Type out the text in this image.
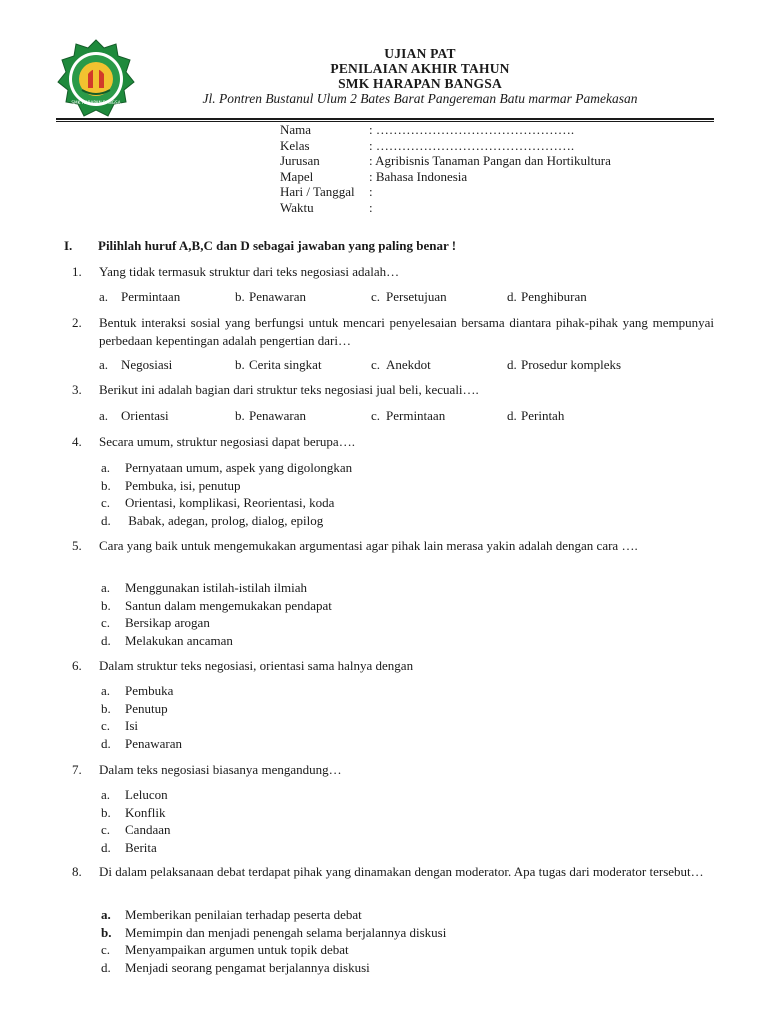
SMK HARAPAN BANGSA
UJIAN PAT
PENILAIAN AKHIR TAHUN
SMK HARAPAN BANGSA
Jl. Pontren Bustanul Ulum 2 Bates Barat Pangereman Batu marmar Pamekasan
Nama	: ……………………………………….
Kelas	: ……………………………………….
Jurusan	: Agribisnis Tanaman Pangan dan Hortikultura
Mapel	: Bahasa Indonesia
Hari / Tanggal	:
Waktu	:
I. Pilihlah huruf A,B,C dan D sebagai jawaban yang paling benar !
1.	Yang tidak termasuk struktur dari teks negosiasi adalah…
a. Permintaan	b. Penawaran	c. Persetujuan	d. Penghiburan
2.	Bentuk interaksi sosial yang berfungsi untuk mencari penyelesaian bersama diantara pihak-pihak yang mempunyai perbedaan kepentingan adalah pengertian dari…
a. Negosiasi	b. Cerita singkat	c. Anekdot	d. Prosedur kompleks
3.	Berikut ini adalah bagian dari struktur teks negosiasi jual beli, kecuali….
a. Orientasi	b. Penawaran	c. Permintaan	d. Perintah
4.	Secara umum, struktur negosiasi dapat berupa….
a.	Pernyataan umum, aspek yang digolongkan
b.	Pembuka, isi, penutup
c.	Orientasi, komplikasi, Reorientasi, koda
d.	Babak, adegan, prolog, dialog, epilog
5.	Cara yang baik untuk mengemukakan argumentasi agar pihak lain merasa yakin adalah dengan cara ….
a.	Menggunakan istilah-istilah ilmiah
b.	Santun dalam mengemukakan pendapat
c.	Bersikap arogan
d.	Melakukan ancaman
6.	Dalam struktur teks negosiasi, orientasi sama halnya dengan
a.	Pembuka
b.	Penutup
c.	Isi
d.	Penawaran
7.	Dalam teks negosiasi biasanya mengandung…
a.	Lelucon
b.	Konflik
c.	Candaan
d.	Berita
8.	Di dalam pelaksanaan debat terdapat pihak yang dinamakan dengan moderator. Apa tugas dari moderator tersebut…
a.	Memberikan penilaian terhadap peserta debat
b.	Memimpin dan menjadi penengah selama berjalannya diskusi
c.	Menyampaikan argumen untuk topik debat
d.	Menjadi seorang pengamat berjalannya diskusi
